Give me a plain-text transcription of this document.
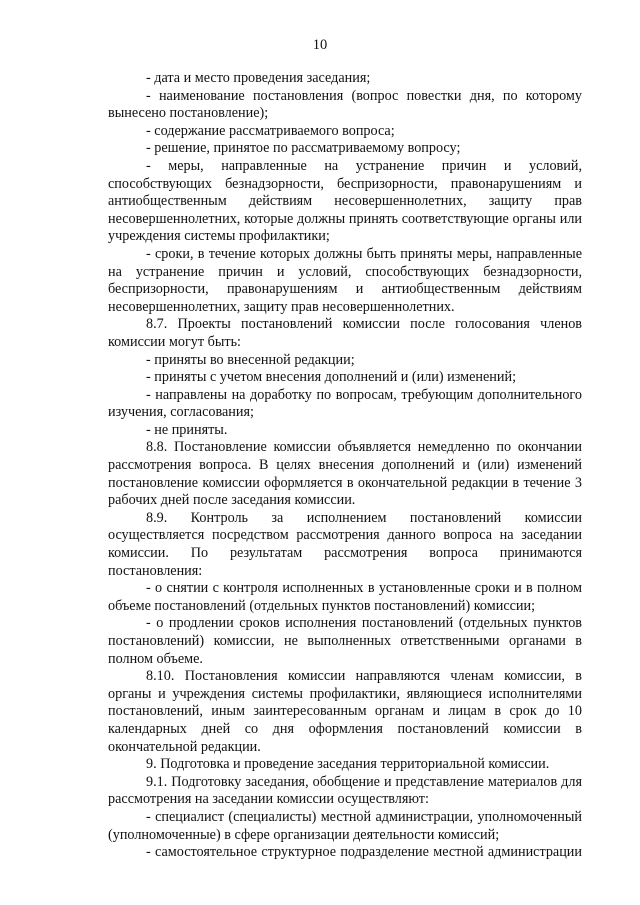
10

- дата и место проведения заседания;

- наименование постановления (вопрос повестки дня, по которому вынесено постановление);

- содержание рассматриваемого вопроса;

- решение, принятое по рассматриваемому вопросу;

- меры, направленные на устранение причин и условий, способствующих безнадзорности, беспризорности, правонарушениям и антиобщественным действиям несовершеннолетних, защиту прав несовершеннолетних, которые должны принять соответствующие органы или учреждения системы профилактики;

- сроки, в течение которых должны быть приняты меры, направленные на устранение причин и условий, способствующих безнадзорности, беспризорности, правонарушениям и антиобщественным действиям несовершеннолетних, защиту прав несовершеннолетних.

8.7. Проекты постановлений комиссии после голосования членов комиссии могут быть:

- приняты во внесенной редакции;

- приняты с учетом внесения дополнений и (или) изменений;

- направлены на доработку по вопросам, требующим дополнительного изучения, согласования;

- не приняты.

8.8. Постановление комиссии объявляется немедленно по окончании рассмотрения вопроса. В целях внесения дополнений и (или) изменений постановление комиссии оформляется в окончательной редакции в течение 3 рабочих дней после заседания комиссии.

8.9. Контроль за исполнением постановлений комиссии осуществляется посредством рассмотрения данного вопроса на заседании комиссии. По результатам рассмотрения вопроса принимаются постановления:

- о снятии с контроля исполненных в установленные сроки и в полном объеме постановлений (отдельных пунктов постановлений) комиссии;

- о продлении сроков исполнения постановлений (отдельных пунктов постановлений) комиссии, не выполненных ответственными органами в полном объеме.

8.10. Постановления комиссии направляются членам комиссии, в органы и учреждения системы профилактики, являющиеся исполнителями постановлений, иным заинтересованным органам и лицам в срок до 10 календарных дней со дня оформления постановлений комиссии в окончательной редакции.

9. Подготовка и проведение заседания территориальной комиссии.

9.1. Подготовку заседания, обобщение и представление материалов для рассмотрения на заседании комиссии осуществляют:

- специалист (специалисты) местной администрации, уполномоченный (уполномоченные) в сфере организации деятельности комиссий;

- самостоятельное структурное подразделение местной администрации
